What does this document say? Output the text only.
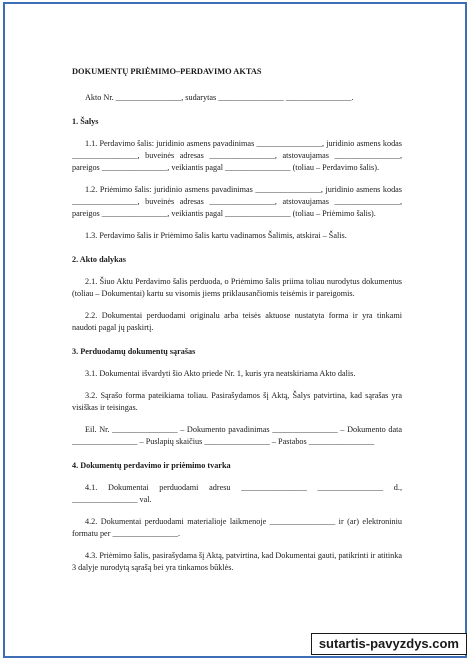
DOKUMENTŲ PRIĖMIMO–PERDAVIMO AKTAS

Akto Nr. ________________, sudarytas ________________ ________________.

1. Šalys

1.1. Perdavimo šalis: juridinio asmens pavadinimas ________________, juridinio asmens kodas ________________, buveinės adresas ________________, atstovaujamas ________________, pareigos ________________, veikiantis pagal ________________ (toliau – Perdavimo šalis).

1.2. Priėmimo šalis: juridinio asmens pavadinimas ________________, juridinio asmens kodas ________________, buveinės adresas ________________, atstovaujamas ________________, pareigos ________________, veikiantis pagal ________________ (toliau – Priėmimo šalis).

1.3. Perdavimo šalis ir Priėmimo šalis kartu vadinamos Šalimis, atskirai – Šalis.

2. Akto dalykas

2.1. Šiuo Aktu Perdavimo šalis perduoda, o Priėmimo šalis priima toliau nurodytus dokumentus (toliau – Dokumentai) kartu su visomis jiems priklausančiomis teisėmis ir pareigomis.

2.2. Dokumentai perduodami originalu arba teisės aktuose nustatyta forma ir yra tinkami naudoti pagal jų paskirtį.

3. Perduodamų dokumentų sąrašas

3.1. Dokumentai išvardyti šio Akto priede Nr. 1, kuris yra neatskiriama Akto dalis.

3.2. Sąrašo forma pateikiama toliau. Pasirašydamos šį Aktą, Šalys patvirtina, kad sąrašas yra visiškas ir teisingas.

Eil. Nr. ________________ – Dokumento pavadinimas ________________ – Dokumento data ________________ – Puslapių skaičius ________________ – Pastabos ________________

4. Dokumentų perdavimo ir priėmimo tvarka

4.1. Dokumentai perduodami adresu ________________ ________________ d., ________________ val.

4.2. Dokumentai perduodami materialioje laikmenoje ________________ ir (ar) elektroniniu formatu per ________________.

4.3. Priėmimo šalis, pasirašydama šį Aktą, patvirtina, kad Dokumentai gauti, patikrinti ir atitinka 3 dalyje nurodytą sąrašą bei yra tinkamos būklės.

sutartis-pavyzdys.com
